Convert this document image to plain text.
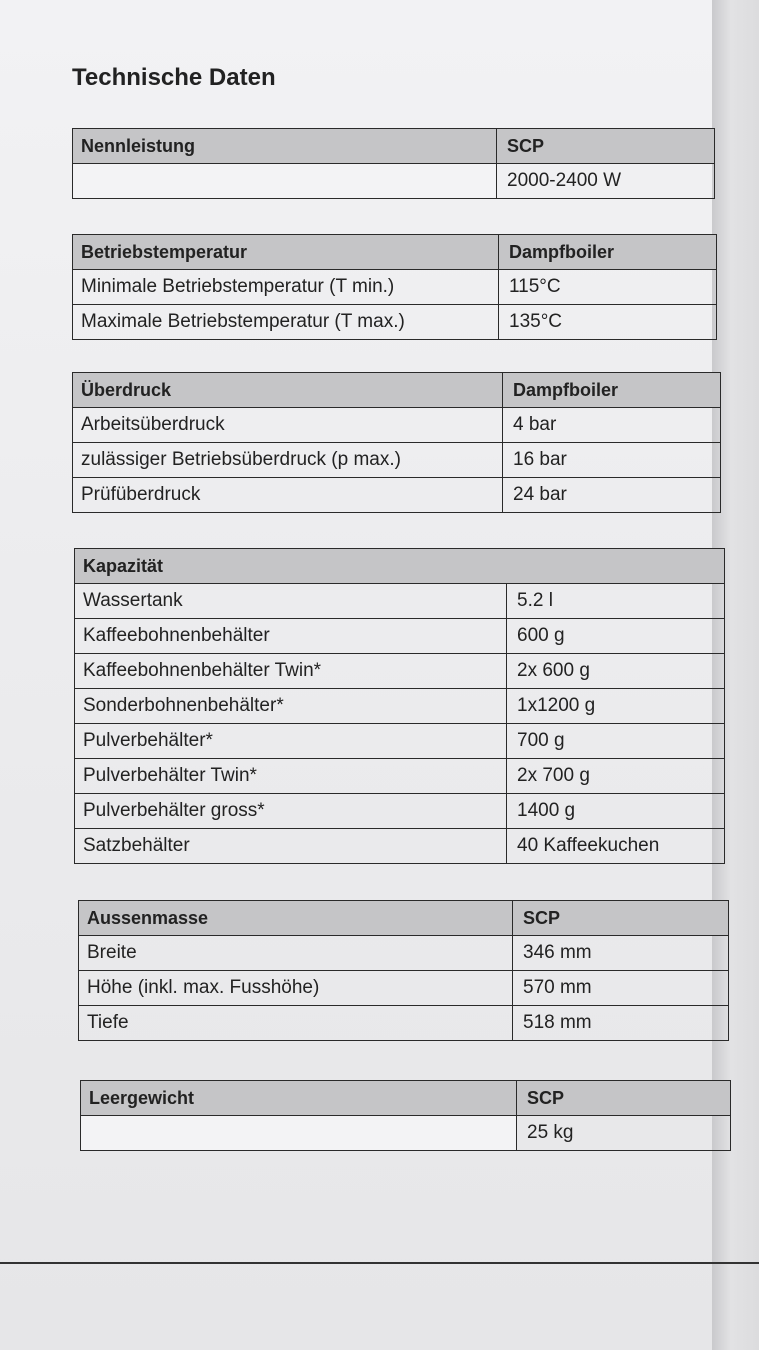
Technische Daten
Nennleistung	SCP
	2000-2400 W
Betriebstemperatur	Dampfboiler
Minimale Betriebstemperatur (T min.)	115°C
Maximale Betriebstemperatur (T max.)	135°C
Überdruck	Dampfboiler
Arbeitsüberdruck	4 bar
zulässiger Betriebsüberdruck (p max.)	16 bar
Prüfüberdruck	24 bar
Kapazität	
Wassertank	5.2 l
Kaffeebohnenbehälter	600 g
Kaffeebohnenbehälter Twin*	2x 600 g
Sonderbohnenbehälter*	1x1200 g
Pulverbehälter*	700 g
Pulverbehälter Twin*	2x 700 g
Pulverbehälter gross*	1400 g
Satzbehälter	40 Kaffeekuchen
Aussenmasse	SCP
Breite	346 mm
Höhe (inkl. max. Fusshöhe)	570 mm
Tiefe	518 mm
Leergewicht	SCP
	25 kg
